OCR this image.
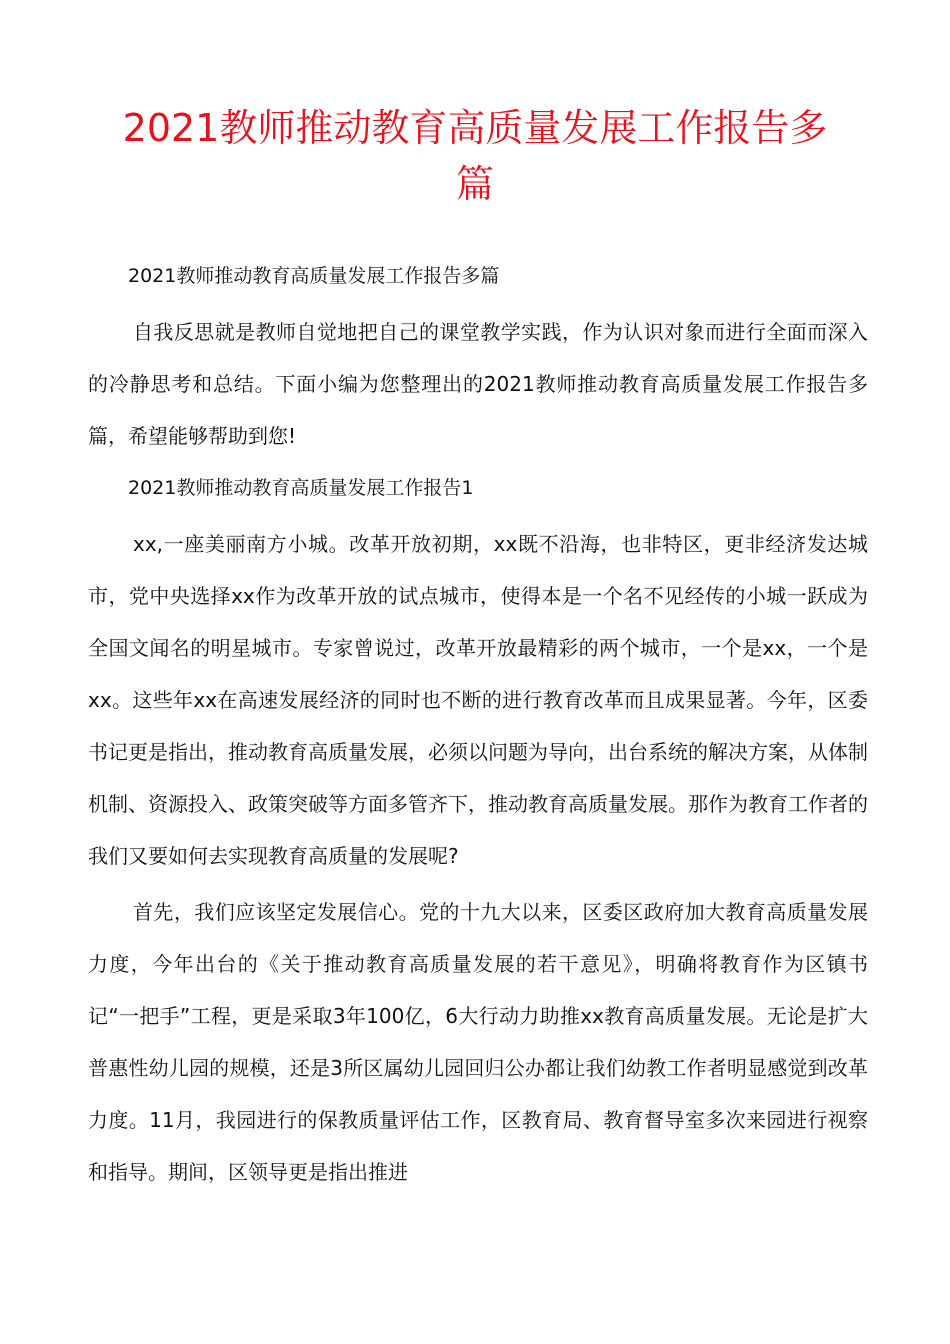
2021教师推动教育高质量发展工作报告多
篇

2021教师推动教育高质量发展工作报告多篇

自我反思就是教师自觉地把自己的课堂教学实践，作为认识对象而进行全面而深入的冷静思考和总结。下面小编为您整理出的2021教师推动教育高质量发展工作报告多篇，希望能够帮助到您!

2021教师推动教育高质量发展工作报告1

xx,一座美丽南方小城。改革开放初期，xx既不沿海，也非特区，更非经济发达城市，党中央选择xx作为改革开放的试点城市，使得本是一个名不见经传的小城一跃成为全国文闻名的明星城市。专家曾说过，改革开放最精彩的两个城市，一个是xx，一个是xx。这些年xx在高速发展经济的同时也不断的进行教育改革而且成果显著。今年，区委书记更是指出，推动教育高质量发展，必须以问题为导向，出台系统的解决方案，从体制机制、资源投入、政策突破等方面多管齐下，推动教育高质量发展。那作为教育工作者的我们又要如何去实现教育高质量的发展呢?

首先，我们应该坚定发展信心。党的十九大以来，区委区政府加大教育高质量发展力度，今年出台的《关于推动教育高质量发展的若干意见》，明确将教育作为区镇书记“一把手”工程，更是采取3年100亿，6大行动力助推xx教育高质量发展。无论是扩大普惠性幼儿园的规模，还是3所区属幼儿园回归公办都让我们幼教工作者明显感觉到改革力度。11月，我园进行的保教质量评估工作，区教育局、教育督导室多次来园进行视察和指导。期间，区领导更是指出推进
